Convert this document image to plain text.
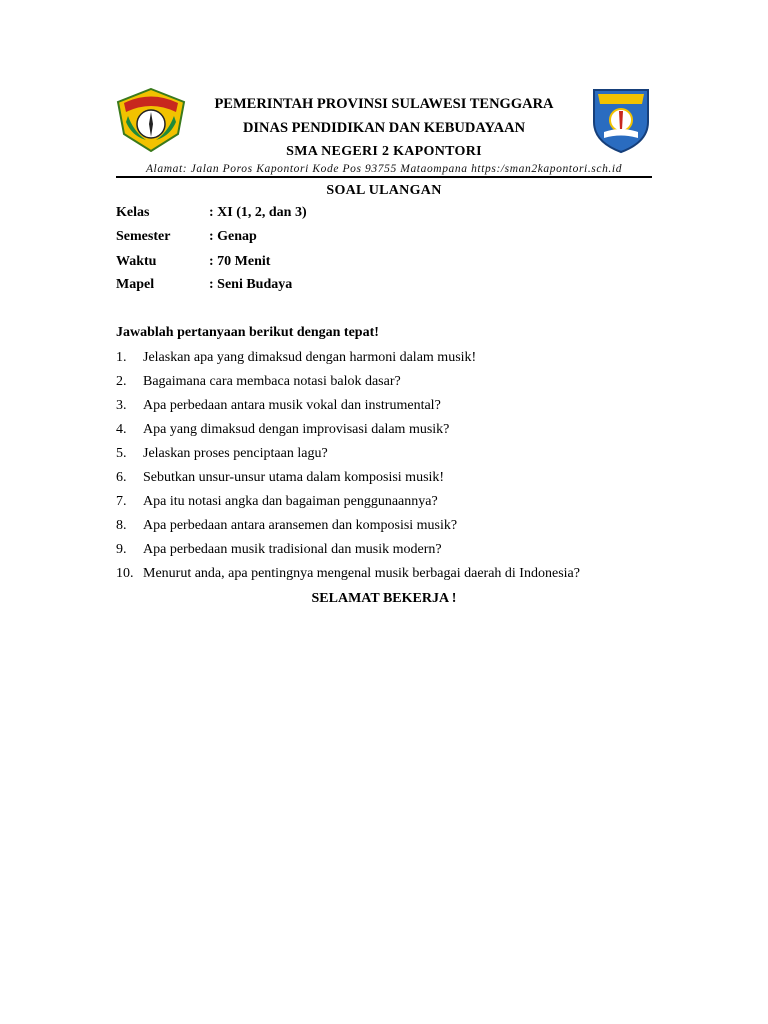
PEMERINTAH PROVINSI SULAWESI TENGGARA
DINAS PENDIDIKAN DAN KEBUDAYAAN
SMA NEGERI 2 KAPONTORI
Alamat: Jalan Poros Kapontori Kode Pos 93755 Mataompana https:/sman2kapontori.sch.id
SOAL ULANGAN
Kelas	: XI (1, 2, dan 3)
Semester	: Genap
Waktu	: 70 Menit
Mapel	: Seni Budaya
Jawablah pertanyaan berikut dengan tepat!
1. Jelaskan apa yang dimaksud dengan harmoni dalam musik!
2. Bagaimana cara membaca notasi balok dasar?
3. Apa perbedaan antara musik vokal dan instrumental?
4. Apa yang dimaksud dengan improvisasi dalam musik?
5. Jelaskan proses penciptaan lagu?
6. Sebutkan unsur-unsur utama dalam komposisi musik!
7. Apa itu notasi angka dan bagaiman penggunaannya?
8. Apa perbedaan antara aransemen dan komposisi musik?
9. Apa perbedaan musik tradisional dan musik modern?
10. Menurut anda, apa pentingnya mengenal musik berbagai daerah di Indonesia?
SELAMAT BEKERJA !
